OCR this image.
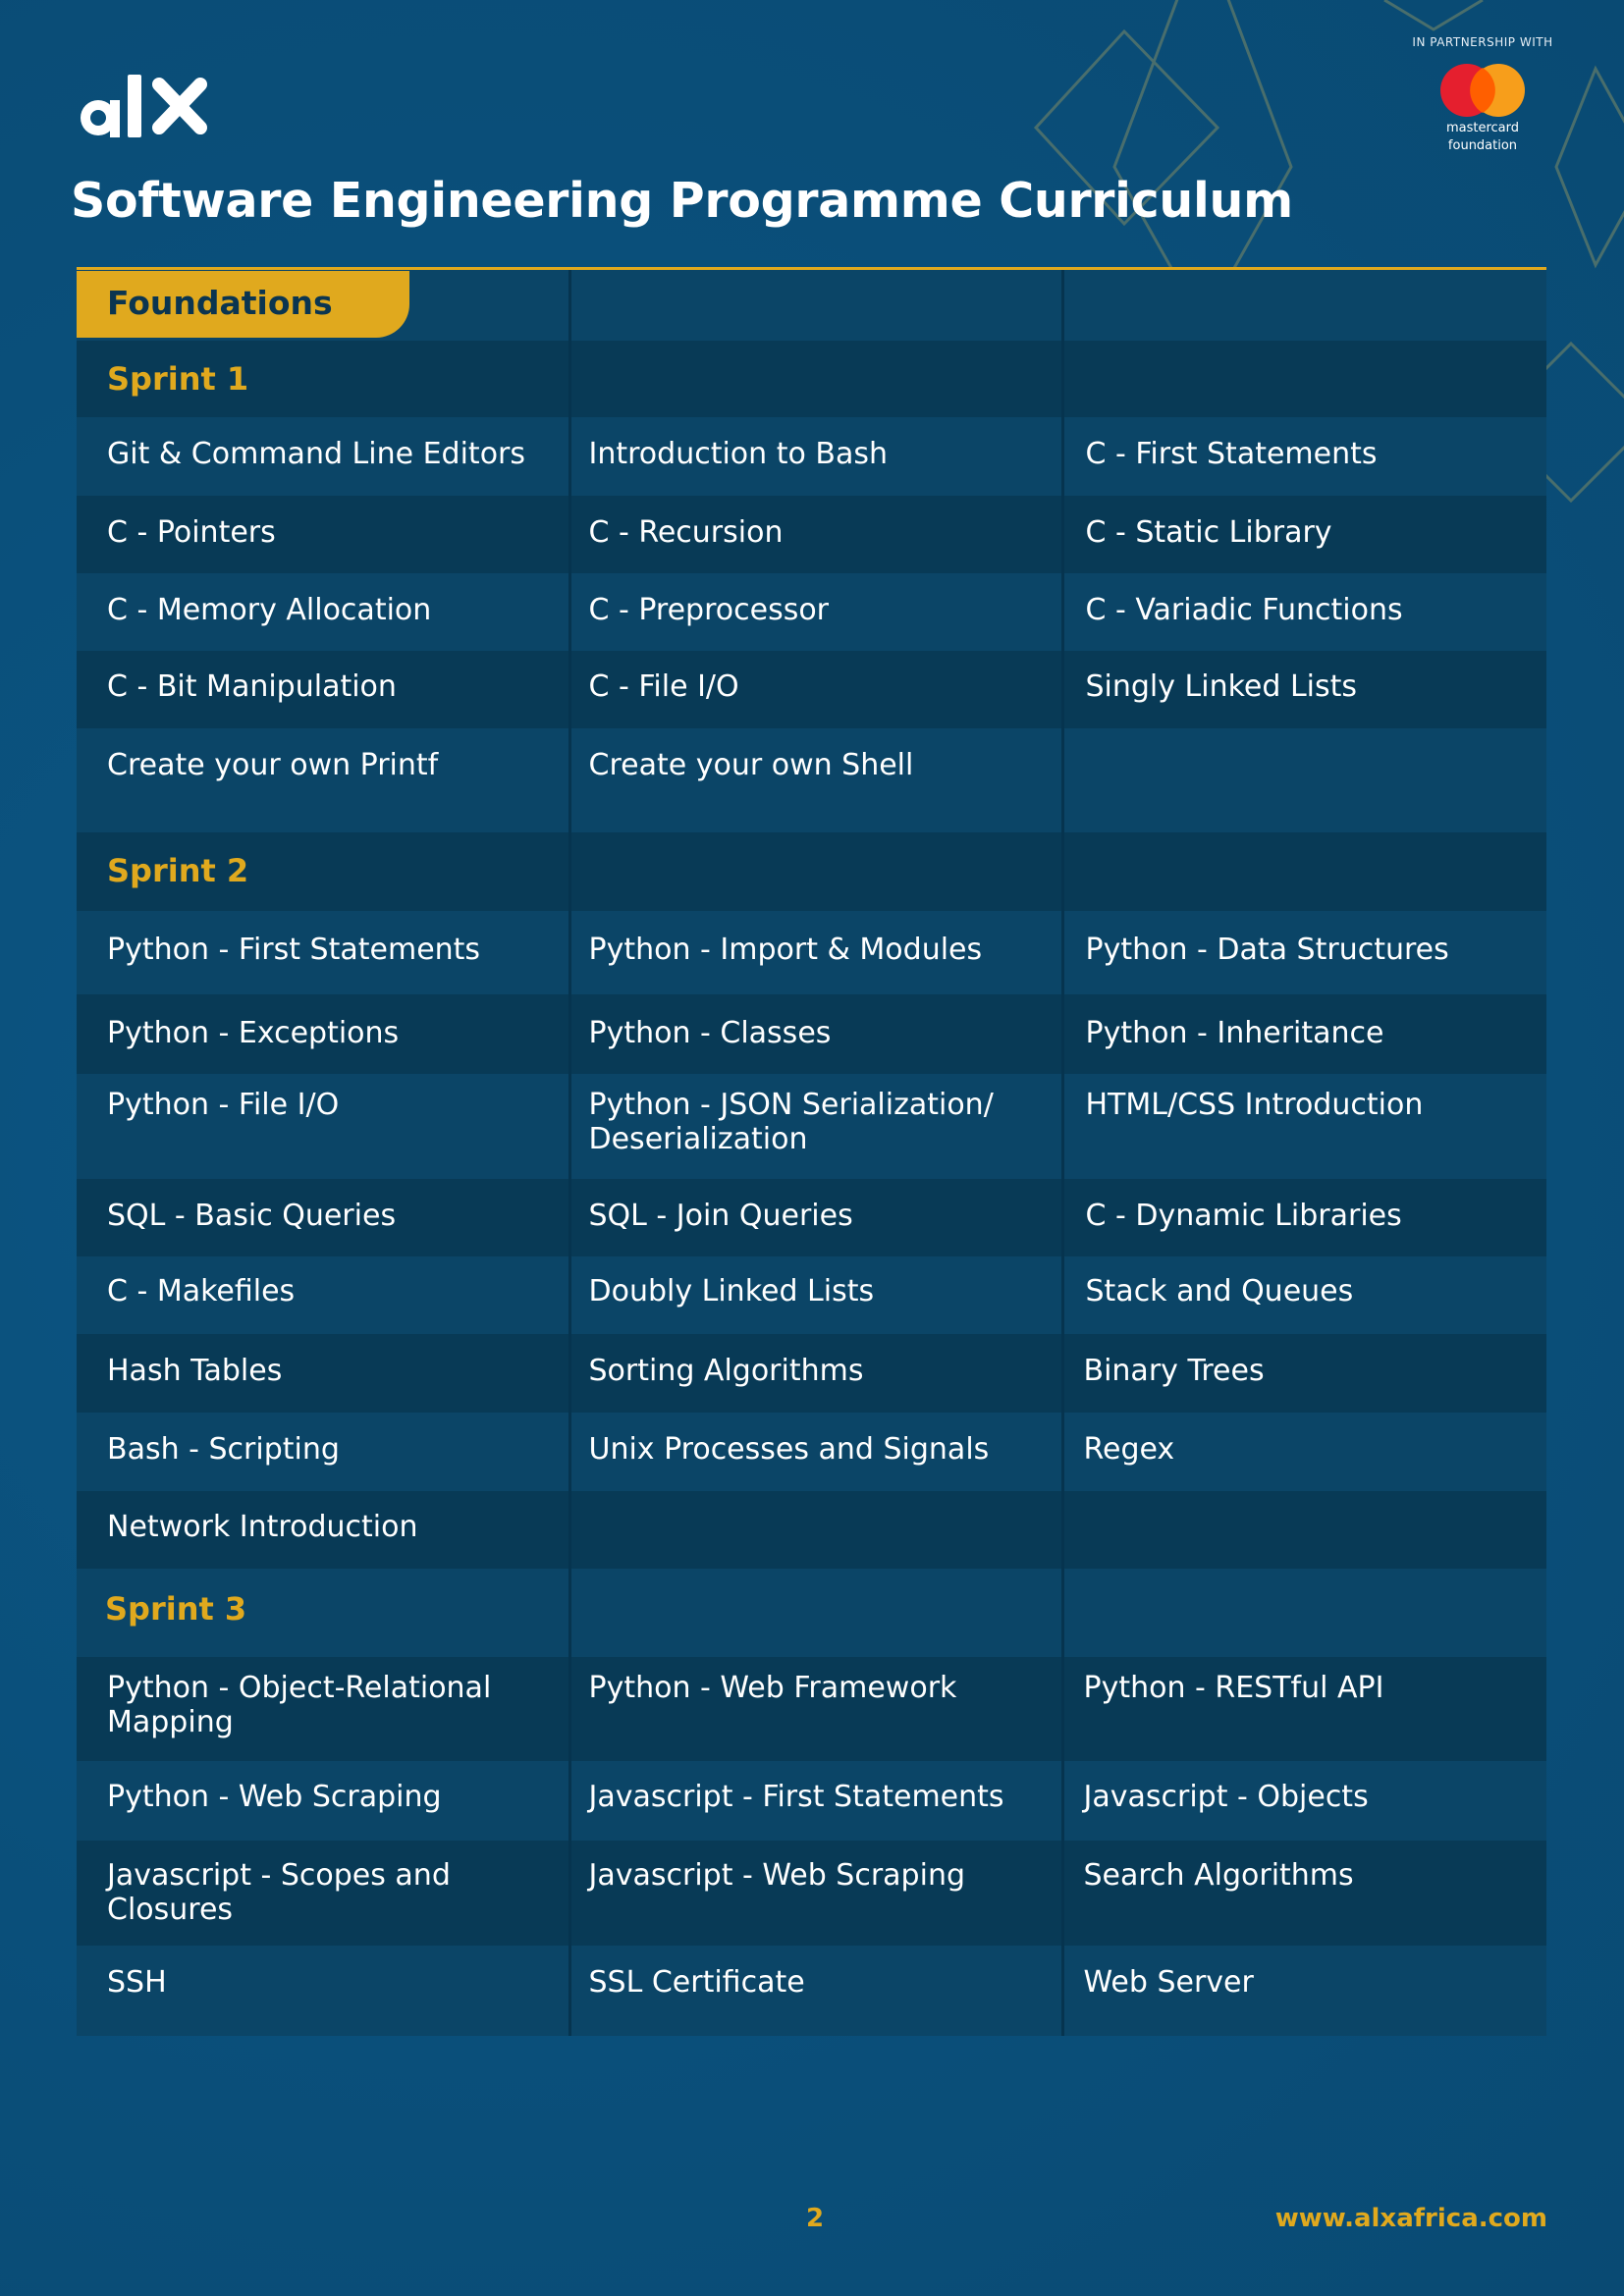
IN PARTNERSHIP WITH
mastercard
foundation
Software Engineering Programme Curriculum
Foundations		
Sprint 1		
Git & Command Line Editors	Introduction to Bash	C - First Statements
C - Pointers	C - Recursion	C - Static Library
C - Memory Allocation	C - Preprocessor	C - Variadic Functions
C - Bit Manipulation	C - File I/O	Singly Linked Lists
Create your own Printf	Create your own Shell	
Sprint 2		
Python - First Statements	Python - Import & Modules	Python - Data Structures
Python - Exceptions	Python - Classes	Python - Inheritance
Python - File I/O	Python - JSON Serialization/ Deserialization	HTML/CSS Introduction
SQL - Basic Queries	SQL - Join Queries	C - Dynamic Libraries
C - Makefiles	Doubly Linked Lists	Stack and Queues
Hash Tables	Sorting Algorithms	Binary Trees
Bash - Scripting	Unix Processes and Signals	Regex
Network Introduction		
Sprint 3		
Python - Object-Relational Mapping	Python - Web Framework	Python - RESTful API
Python - Web Scraping	Javascript - First Statements	Javascript - Objects
Javascript - Scopes and Closures	Javascript - Web Scraping	Search Algorithms
SSH	SSL Certificate	Web Server
2	www.alxafrica.com
